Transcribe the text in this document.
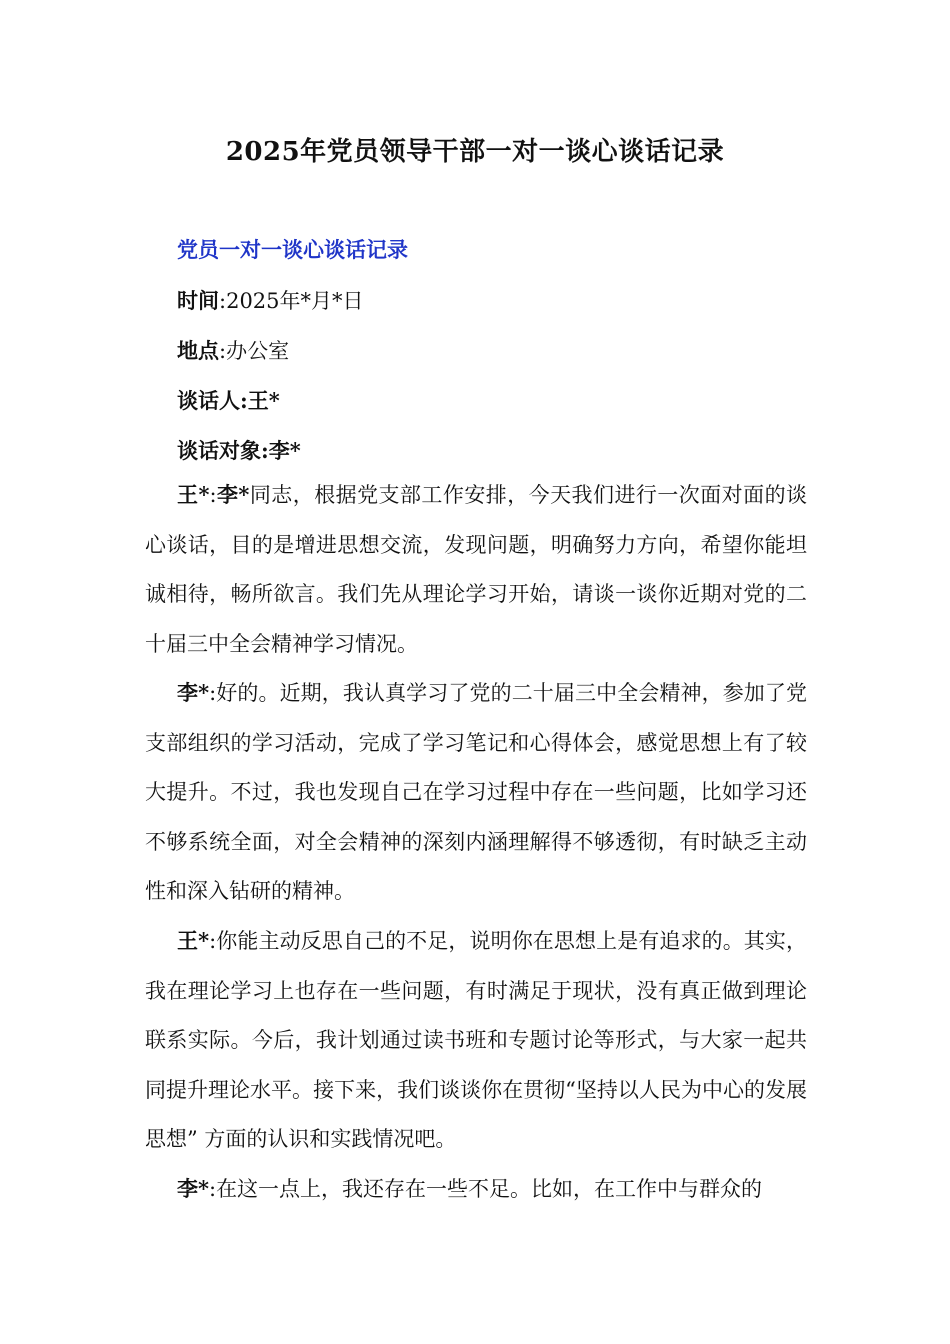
2025年党员领导干部一对一谈心谈话记录
党员一对一谈心谈话记录
时间:2025年*月*日
地点:办公室
谈话人:王*
谈话对象:李*

王*:李*同志，根据党支部工作安排，今天我们进行一次面对面的谈心谈话，目的是增进思想交流，发现问题，明确努力方向，希望你能坦诚相待，畅所欲言。我们先从理论学习开始，请谈一谈你近期对党的二十届三中全会精神学习情况。

李*:好的。近期，我认真学习了党的二十届三中全会精神，参加了党支部组织的学习活动，完成了学习笔记和心得体会，感觉思想上有了较大提升。不过，我也发现自己在学习过程中存在一些问题，比如学习还不够系统全面，对全会精神的深刻内涵理解得不够透彻，有时缺乏主动性和深入钻研的精神。

王*:你能主动反思自己的不足，说明你在思想上是有追求的。其实，我在理论学习上也存在一些问题，有时满足于现状，没有真正做到理论联系实际。今后，我计划通过读书班和专题讨论等形式，与大家一起共同提升理论水平。接下来，我们谈谈你在贯彻“坚持以人民为中心的发展思想” 方面的认识和实践情况吧。

李*:在这一点上，我还存在一些不足。比如，在工作中与群众的
